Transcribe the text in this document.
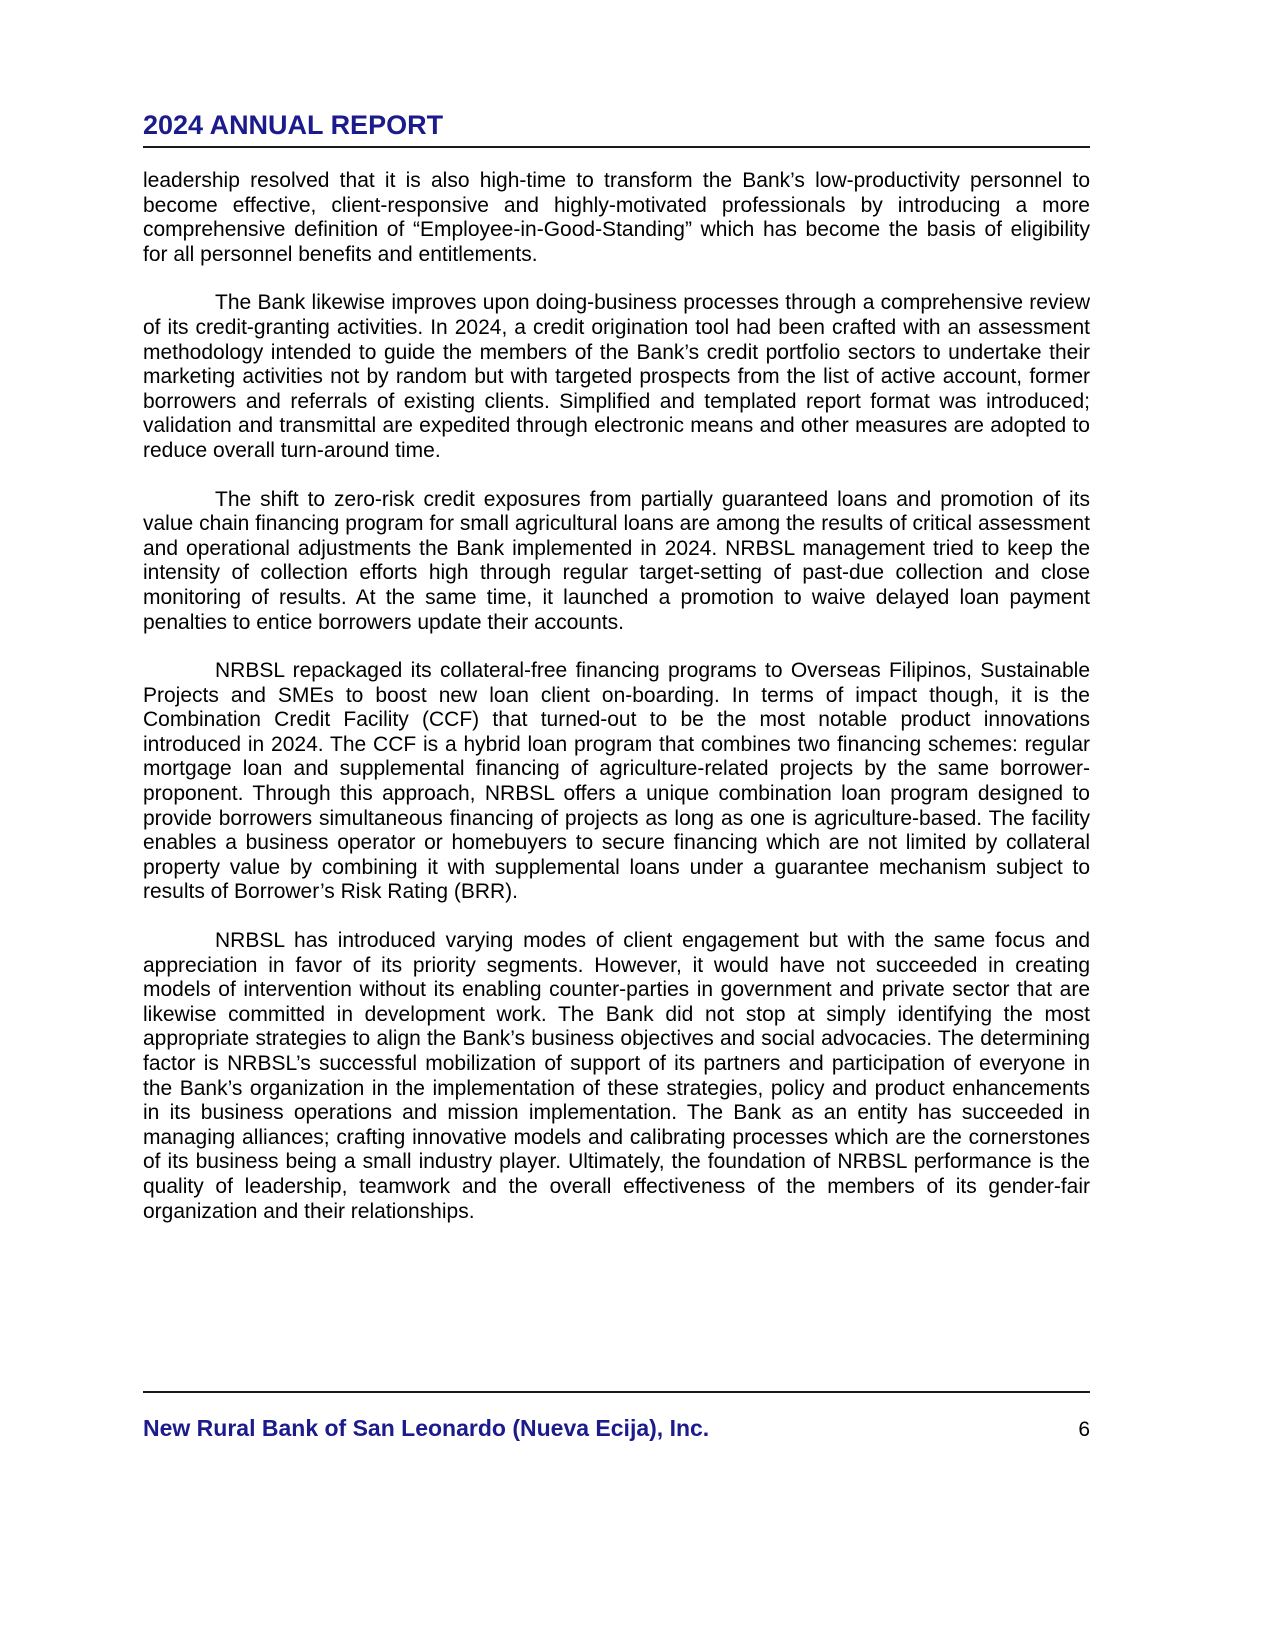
2024 ANNUAL REPORT

leadership resolved that it is also high-time to transform the Bank’s low-productivity personnel to become effective, client-responsive and highly-motivated professionals by introducing a more comprehensive definition of “Employee-in-Good-Standing” which has become the basis of eligibility for all personnel benefits and entitlements.

The Bank likewise improves upon doing-business processes through a comprehensive review of its credit-granting activities. In 2024, a credit origination tool had been crafted with an assessment methodology intended to guide the members of the Bank’s credit portfolio sectors to undertake their marketing activities not by random but with targeted prospects from the list of active account, former borrowers and referrals of existing clients. Simplified and templated report format was introduced; validation and transmittal are expedited through electronic means and other measures are adopted to reduce overall turn-around time.

The shift to zero-risk credit exposures from partially guaranteed loans and promotion of its value chain financing program for small agricultural loans are among the results of critical assessment and operational adjustments the Bank implemented in 2024. NRBSL management tried to keep the intensity of collection efforts high through regular target-setting of past-due collection and close monitoring of results. At the same time, it launched a promotion to waive delayed loan payment penalties to entice borrowers update their accounts.

NRBSL repackaged its collateral-free financing programs to Overseas Filipinos, Sustainable Projects and SMEs to boost new loan client on-boarding. In terms of impact though, it is the Combination Credit Facility (CCF) that turned-out to be the most notable product innovations introduced in 2024. The CCF is a hybrid loan program that combines two financing schemes: regular mortgage loan and supplemental financing of agriculture-related projects by the same borrower-proponent. Through this approach, NRBSL offers a unique combination loan program designed to provide borrowers simultaneous financing of projects as long as one is agriculture-based. The facility enables a business operator or homebuyers to secure financing which are not limited by collateral property value by combining it with supplemental loans under a guarantee mechanism subject to results of Borrower’s Risk Rating (BRR).

NRBSL has introduced varying modes of client engagement but with the same focus and appreciation in favor of its priority segments. However, it would have not succeeded in creating models of intervention without its enabling counter-parties in government and private sector that are likewise committed in development work. The Bank did not stop at simply identifying the most appropriate strategies to align the Bank’s business objectives and social advocacies. The determining factor is NRBSL’s successful mobilization of support of its partners and participation of everyone in the Bank’s organization in the implementation of these strategies, policy and product enhancements in its business operations and mission implementation. The Bank as an entity has succeeded in managing alliances; crafting innovative models and calibrating processes which are the cornerstones of its business being a small industry player. Ultimately, the foundation of NRBSL performance is the quality of leadership, teamwork and the overall effectiveness of the members of its gender-fair organization and their relationships.

New Rural Bank of San Leonardo (Nueva Ecija), Inc.	6
